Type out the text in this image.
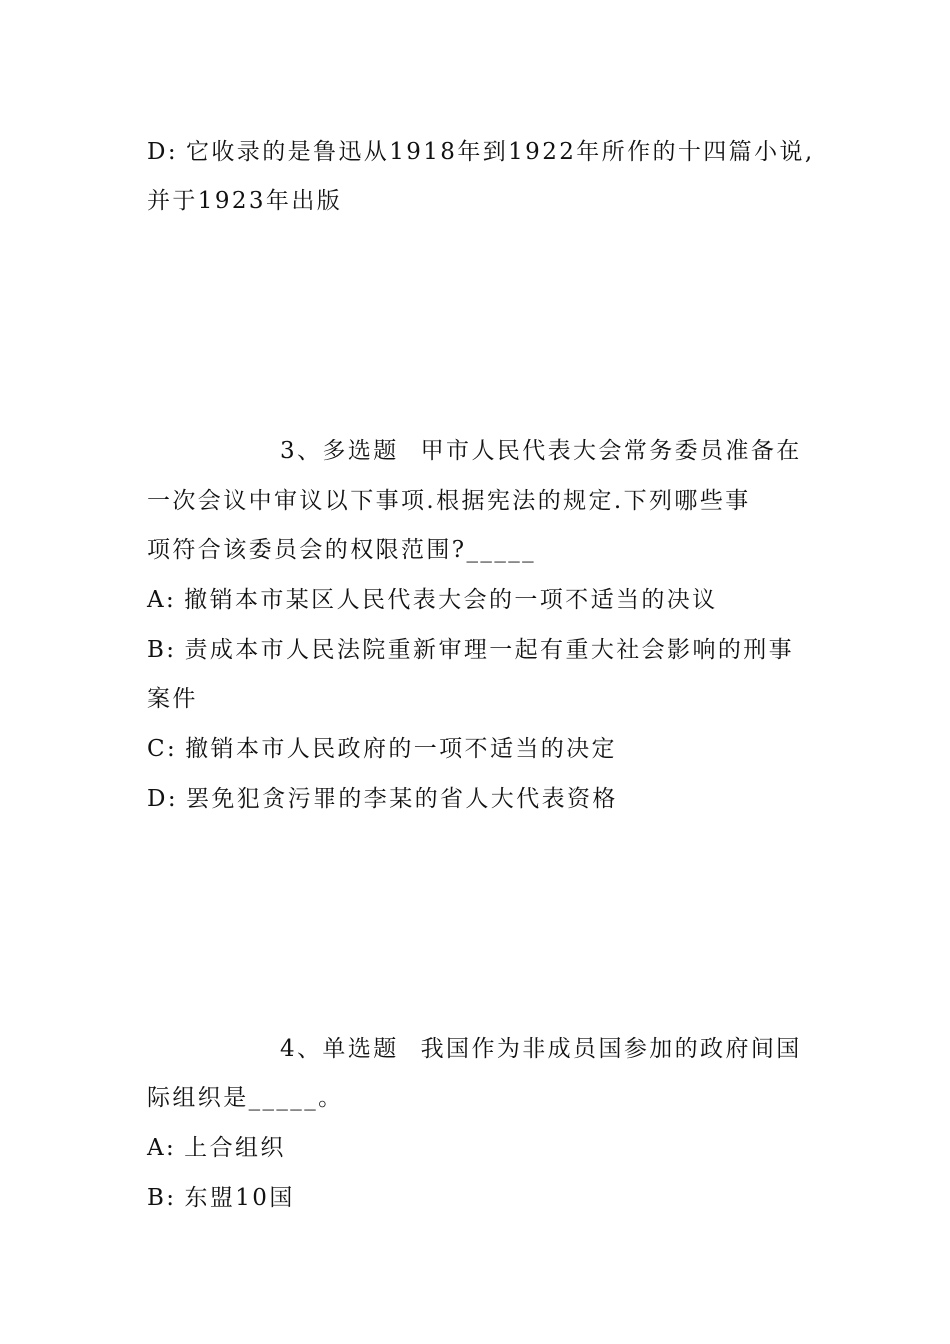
D: 它收录的是鲁迅从1918年到1922年所作的十四篇小说,
并于1923年出版
3、多选题 甲市人民代表大会常务委员准备在
一次会议中审议以下事项.根据宪法的规定.下列哪些事
项符合该委员会的权限范围?_____
A: 撤销本市某区人民代表大会的一项不适当的决议
B: 责成本市人民法院重新审理一起有重大社会影响的刑事
案件
C: 撤销本市人民政府的一项不适当的决定
D: 罢免犯贪污罪的李某的省人大代表资格
4、单选题 我国作为非成员国参加的政府间国
际组织是_____。
A: 上合组织
B: 东盟10国
